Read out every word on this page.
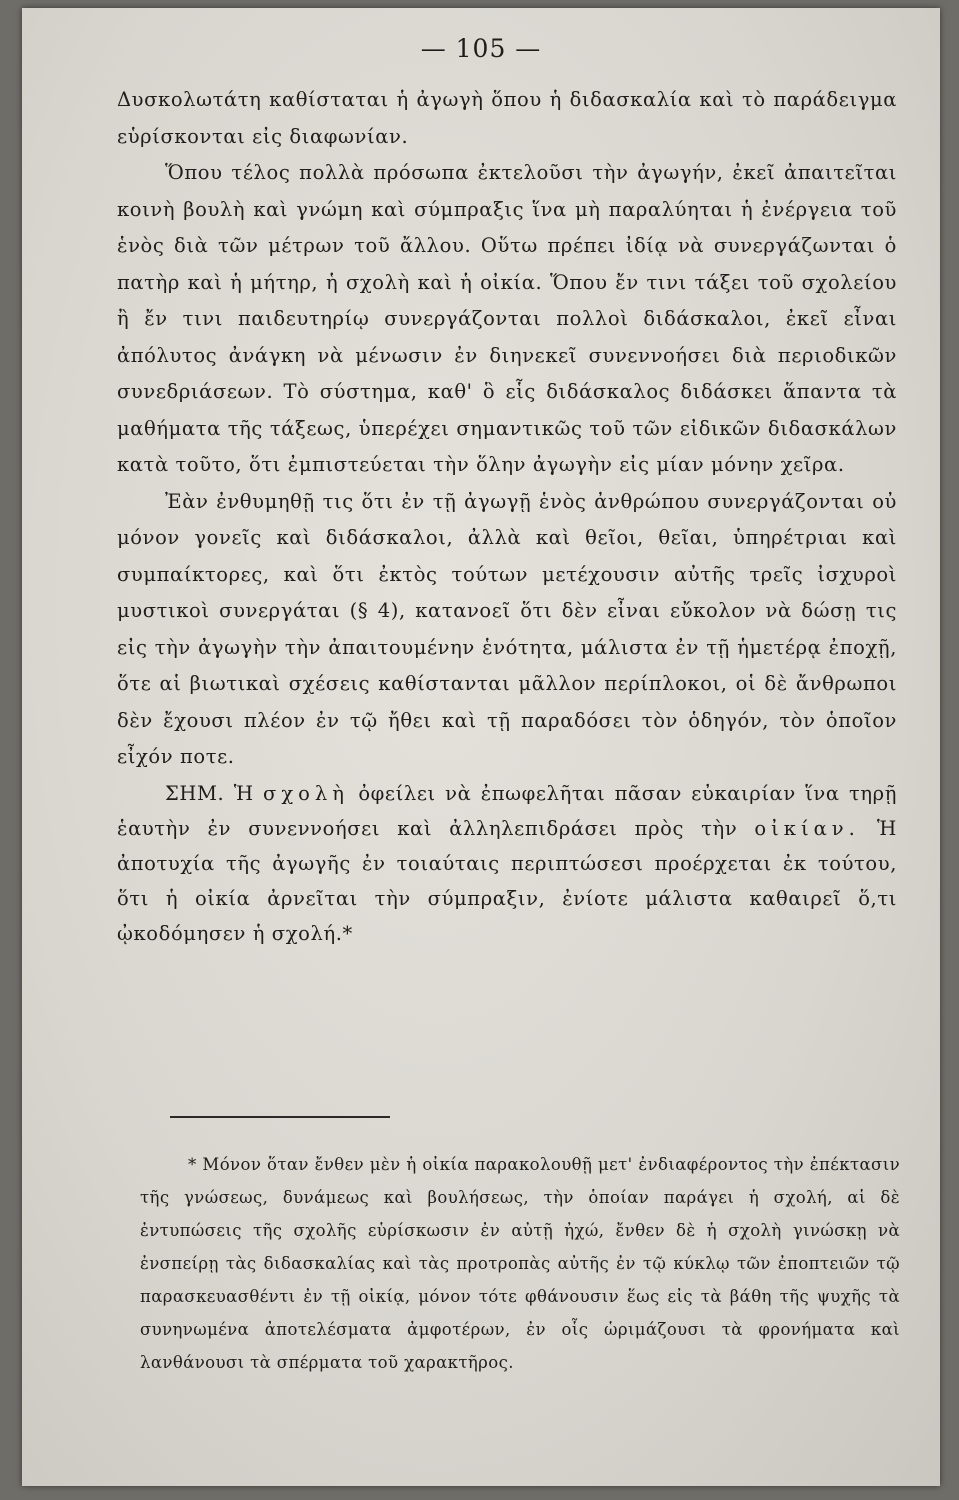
— 105 —

Δυσκολωτάτη καθίσταται ἡ ἀγωγὴ ὅπου ἡ διδασκαλία καὶ τὸ παράδειγμα εὑρίσκονται εἰς διαφωνίαν.

Ὅπου τέλος πολλὰ πρόσωπα ἐκτελοῦσι τὴν ἀγωγήν, ἐκεῖ ἀπαιτεῖται κοινὴ βουλὴ καὶ γνώμη καὶ σύμπραξις ἵνα μὴ παραλύηται ἡ ἐνέργεια τοῦ ἑνὸς διὰ τῶν μέτρων τοῦ ἄλλου. Οὕτω πρέπει ἰδίᾳ νὰ συνεργάζωνται ὁ πατὴρ καὶ ἡ μήτηρ, ἡ σχολὴ καὶ ἡ οἰκία. Ὅπου ἔν τινι τάξει τοῦ σχολείου ἢ ἔν τινι παιδευτηρίῳ συνεργάζονται πολλοὶ διδάσκαλοι, ἐκεῖ εἶναι ἀπόλυτος ἀνάγκη νὰ μένωσιν ἐν διηνεκεῖ συνεννοήσει διὰ περιοδικῶν συνεδριάσεων. Τὸ σύστημα, καθ' ὃ εἷς διδάσκαλος διδάσκει ἅπαντα τὰ μαθήματα τῆς τάξεως, ὑπερέχει σημαντικῶς τοῦ τῶν εἰδικῶν διδασκάλων κατὰ τοῦτο, ὅτι ἐμπιστεύεται τὴν ὅλην ἀγωγὴν εἰς μίαν μόνην χεῖρα.

Ἐὰν ἐνθυμηθῇ τις ὅτι ἐν τῇ ἀγωγῇ ἑνὸς ἀνθρώπου συνεργάζονται οὐ μόνον γονεῖς καὶ διδάσκαλοι, ἀλλὰ καὶ θεῖοι, θεῖαι, ὑπηρέτριαι καὶ συμπαίκτορες, καὶ ὅτι ἐκτὸς τούτων μετέχουσιν αὐτῆς τρεῖς ἰσχυροὶ μυστικοὶ συνεργάται (§ 4), κατανοεῖ ὅτι δὲν εἶναι εὔκολον νὰ δώσῃ τις εἰς τὴν ἀγωγὴν τὴν ἀπαιτουμένην ἑνότητα, μάλιστα ἐν τῇ ἡμετέρᾳ ἐποχῇ, ὅτε αἱ βιωτικαὶ σχέσεις καθίστανται μᾶλλον περίπλοκοι, οἱ δὲ ἄνθρωποι δὲν ἔχουσι πλέον ἐν τῷ ἤθει καὶ τῇ παραδόσει τὸν ὁδηγόν, τὸν ὁποῖον εἶχόν ποτε.

ΣΗΜ. Ἡ σχολὴ ὀφείλει νὰ ἐπωφελῆται πᾶσαν εὐκαιρίαν ἵνα τηρῇ ἑαυτὴν ἐν συνεννοήσει καὶ ἀλληλεπιδράσει πρὸς τὴν οἰκίαν. Ἡ ἀποτυχία τῆς ἀγωγῆς ἐν τοιαύταις περιπτώσεσι προέρχεται ἐκ τούτου, ὅτι ἡ οἰκία ἀρνεῖται τὴν σύμπραξιν, ἐνίοτε μάλιστα καθαιρεῖ ὅ,τι ᾠκοδόμησεν ἡ σχολή.*

* Μόνον ὅταν ἔνθεν μὲν ἡ οἰκία παρακολουθῇ μετ' ἐνδιαφέροντος τὴν ἐπέκτασιν τῆς γνώσεως, δυνάμεως καὶ βουλήσεως, τὴν ὁποίαν παράγει ἡ σχολή, αἱ δὲ ἐντυπώσεις τῆς σχολῆς εὑρίσκωσιν ἐν αὐτῇ ἠχώ, ἔνθεν δὲ ἡ σχολὴ γινώσκῃ νὰ ἐνσπείρῃ τὰς διδασκαλίας καὶ τὰς προτροπὰς αὐτῆς ἐν τῷ κύκλῳ τῶν ἐποπτειῶν τῷ παρασκευασθέντι ἐν τῇ οἰκίᾳ, μόνον τότε φθάνουσιν ἕως εἰς τὰ βάθη τῆς ψυχῆς τὰ συνηνωμένα ἀποτελέσματα ἀμφοτέρων, ἐν οἷς ὡριμάζουσι τὰ φρονήματα καὶ λανθάνουσι τὰ σπέρματα τοῦ χαρακτῆρος.
